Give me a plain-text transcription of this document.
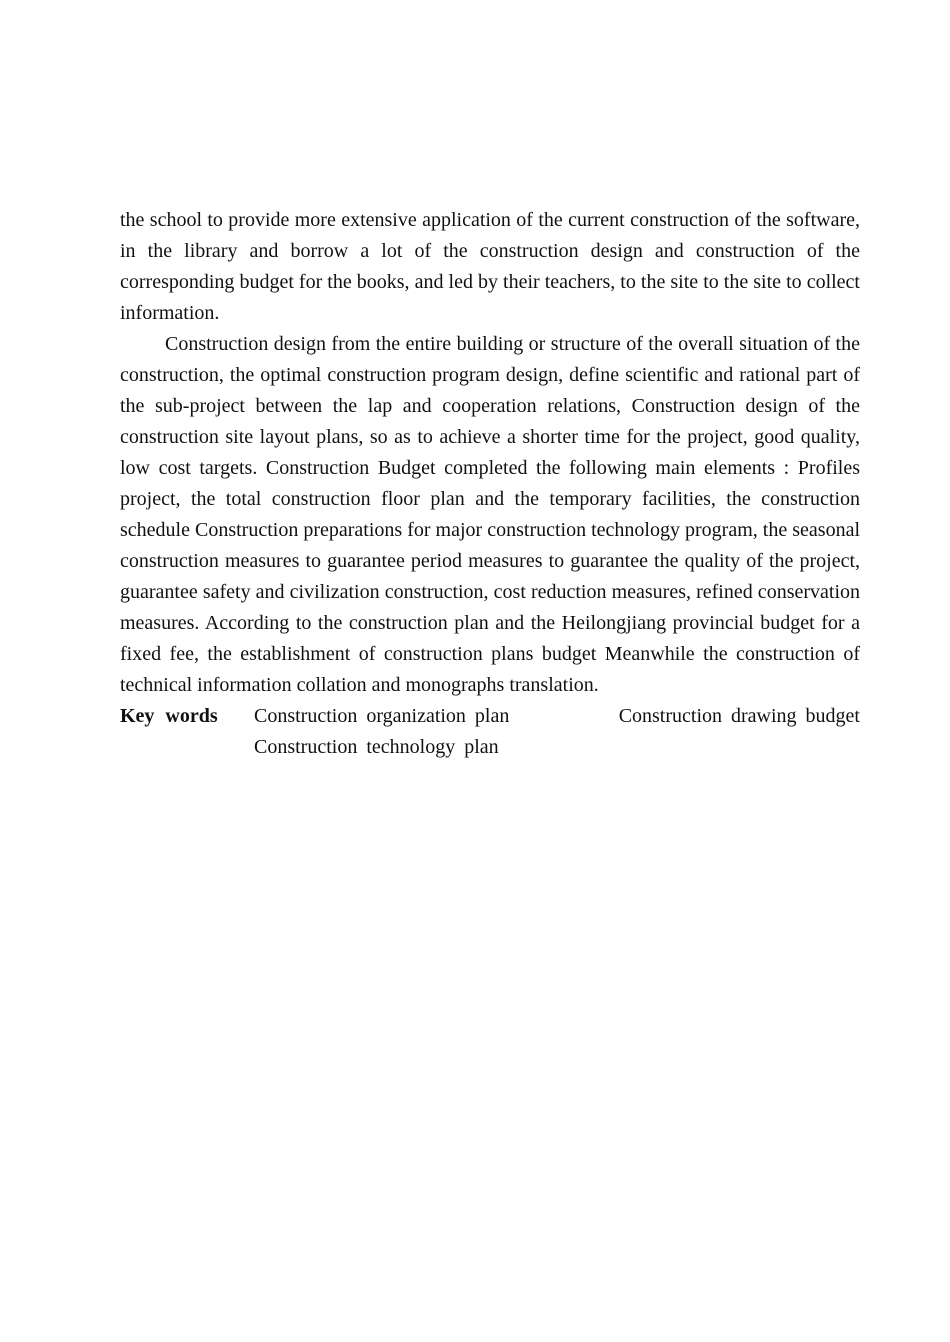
the school to provide more extensive application of the current construction of the software, in the library and borrow a lot of the construction design and construction of the corresponding budget for the books, and led by their teachers, to the site to the site to collect information.

Construction design from the entire building or structure of the overall situation of the construction, the optimal construction program design, define scientific and rational part of the sub-project between the lap and cooperation relations, Construction design of the construction site layout plans, so as to achieve a shorter time for the project, good quality, low cost targets. Construction Budget completed the following main elements : Profiles project, the total construction floor plan and the temporary facilities, the construction schedule Construction preparations for major construction technology program, the seasonal construction measures to guarantee period measures to guarantee the quality of the project, guarantee safety and civilization construction, cost reduction measures, refined conservation measures. According to the construction plan and the Heilongjiang provincial budget for a fixed fee, the establishment of construction plans budget Meanwhile the construction of technical information collation and monographs translation.

Key words	Construction organization plan	Construction drawing budget
Construction technology plan
